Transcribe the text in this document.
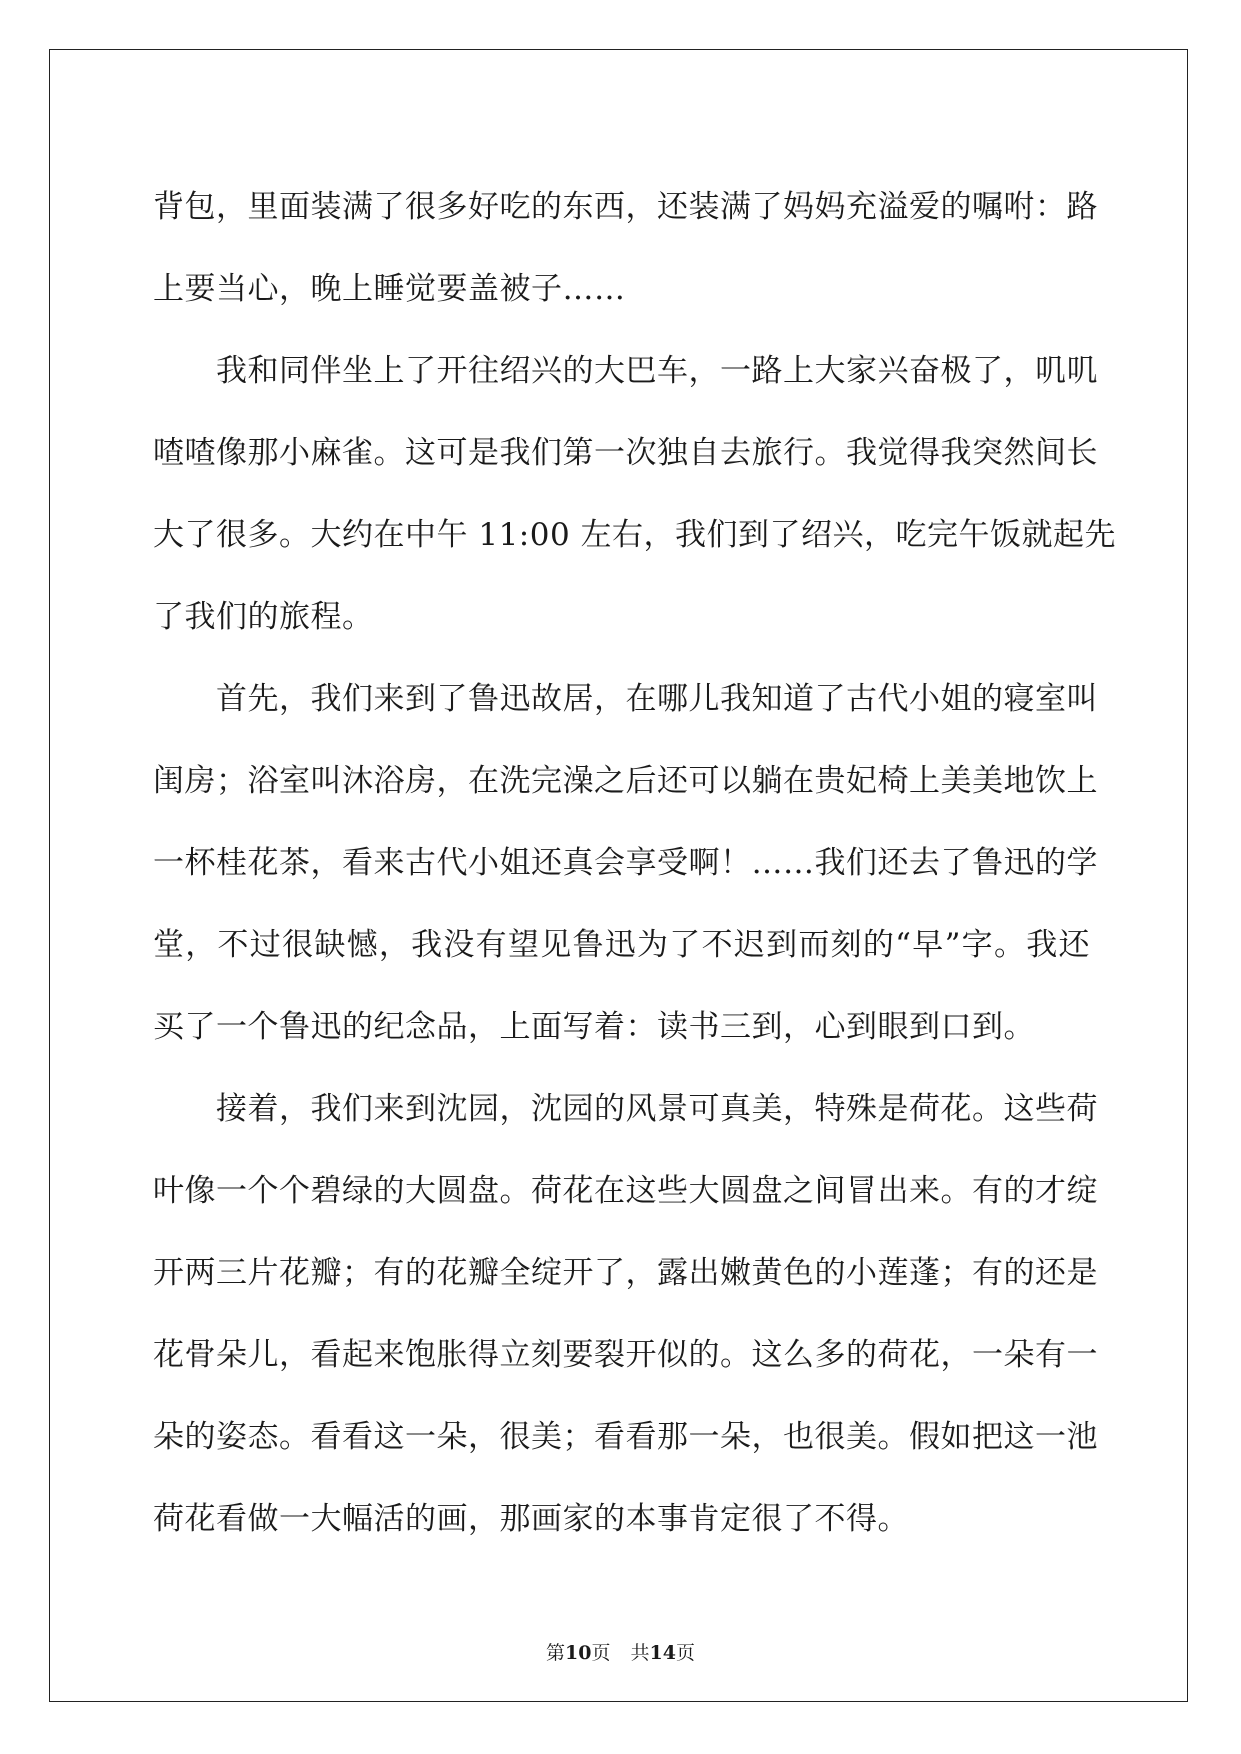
背包，里面装满了很多好吃的东西，还装满了妈妈充溢爱的嘱咐：路
上要当心，晚上睡觉要盖被子……
　　我和同伴坐上了开往绍兴的大巴车，一路上大家兴奋极了，叽叽
喳喳像那小麻雀。这可是我们第一次独自去旅行。我觉得我突然间长
大了很多。大约在中午 11:00 左右，我们到了绍兴，吃完午饭就起先
了我们的旅程。
　　首先，我们来到了鲁迅故居，在哪儿我知道了古代小姐的寝室叫
闺房；浴室叫沐浴房，在洗完澡之后还可以躺在贵妃椅上美美地饮上
一杯桂花茶，看来古代小姐还真会享受啊！……我们还去了鲁迅的学
堂，不过很缺憾，我没有望见鲁迅为了不迟到而刻的“早”字。我还
买了一个鲁迅的纪念品，上面写着：读书三到，心到眼到口到。
　　接着，我们来到沈园，沈园的风景可真美，特殊是荷花。这些荷
叶像一个个碧绿的大圆盘。荷花在这些大圆盘之间冒出来。有的才绽
开两三片花瓣；有的花瓣全绽开了，露出嫩黄色的小莲蓬；有的还是
花骨朵儿，看起来饱胀得立刻要裂开似的。这么多的荷花，一朵有一
朵的姿态。看看这一朵，很美；看看那一朵，也很美。假如把这一池
荷花看做一大幅活的画，那画家的本事肯定很了不得。
第10页 共14页
